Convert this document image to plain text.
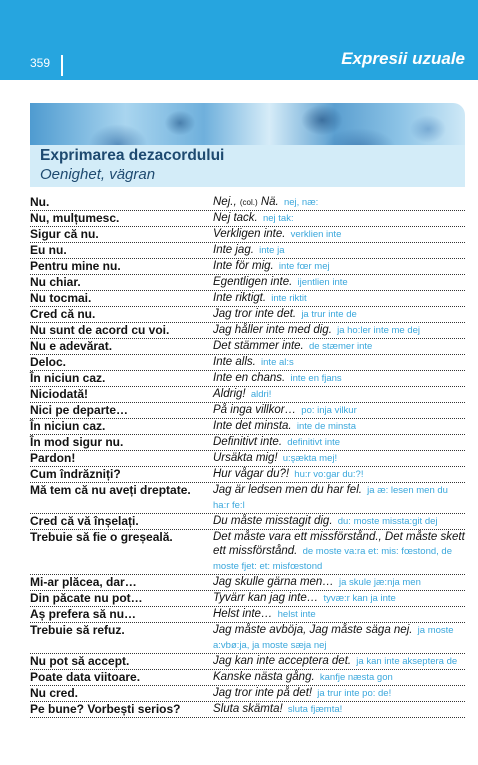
359	Expresii uzuale
Exprimarea dezacordului
Oenighet, vägran
Nu.	Nej., (col.) Nä. nej, næ:
Nu, mulțumesc.	Nej tack. nej tak:
Sigur că nu.	Verkligen inte. verklien inte
Eu nu.	Inte jag. inte ja
Pentru mine nu.	Inte för mig. inte fœr mej
Nu chiar.	Egentligen inte. ijentlien inte
Nu tocmai.	Inte riktigt. inte riktit
Cred că nu.	Jag tror inte det. ja trur inte de
Nu sunt de acord cu voi.	Jag håller inte med dig. ja ho:ler inte me dej
Nu e adevărat.	Det stämmer inte. de stæmer inte
Deloc.	Inte alls. inte al:s
În niciun caz.	Inte en chans. inte en fjans
Niciodată!	Aldrig! aldri!
Nici pe departe…	På inga villkor… po: inja vilkur
În niciun caz.	Inte det minsta. inte de minsta
În mod sigur nu.	Definitivt inte. definitivt inte
Pardon!	Ursäkta mig! u:şækta mej!
Cum îndrăzniți?	Hur vågar du?! hu:r vo:gar du:?!
Mă tem că nu aveți dreptate.	Jag är ledsen men du har fel. ja æ: lesen men du ha:r fe:l
Cred că vă înșelați.	Du måste misstagit dig. du: moste missta:git dej
Trebuie să fie o greșeală.	Det måste vara ett missförstånd., Det måste skett ett missförstånd. de moste va:ra et: mis: fœstond, de moste fjet: et: misfœstond
Mi-ar plăcea, dar…	Jag skulle gärna men… ja skule jæ:nja men
Din păcate nu pot…	Tyvärr kan jag inte… tyvæ:r kan ja inte
Aș prefera să nu…	Helst inte… helst inte
Trebuie să refuz.	Jag måste avböja, Jag måste säga nej. ja moste a:vbø:ja, ja moste sæja nej
Nu pot să accept.	Jag kan inte acceptera det. ja kan inte akseptera de
Poate data viitoare.	Kanske nästa gång. kanfje næsta gon
Nu cred.	Jag tror inte på det! ja trur inte po: de!
Pe bune? Vorbești serios?	Sluta skämta! sluta fjæmta!
